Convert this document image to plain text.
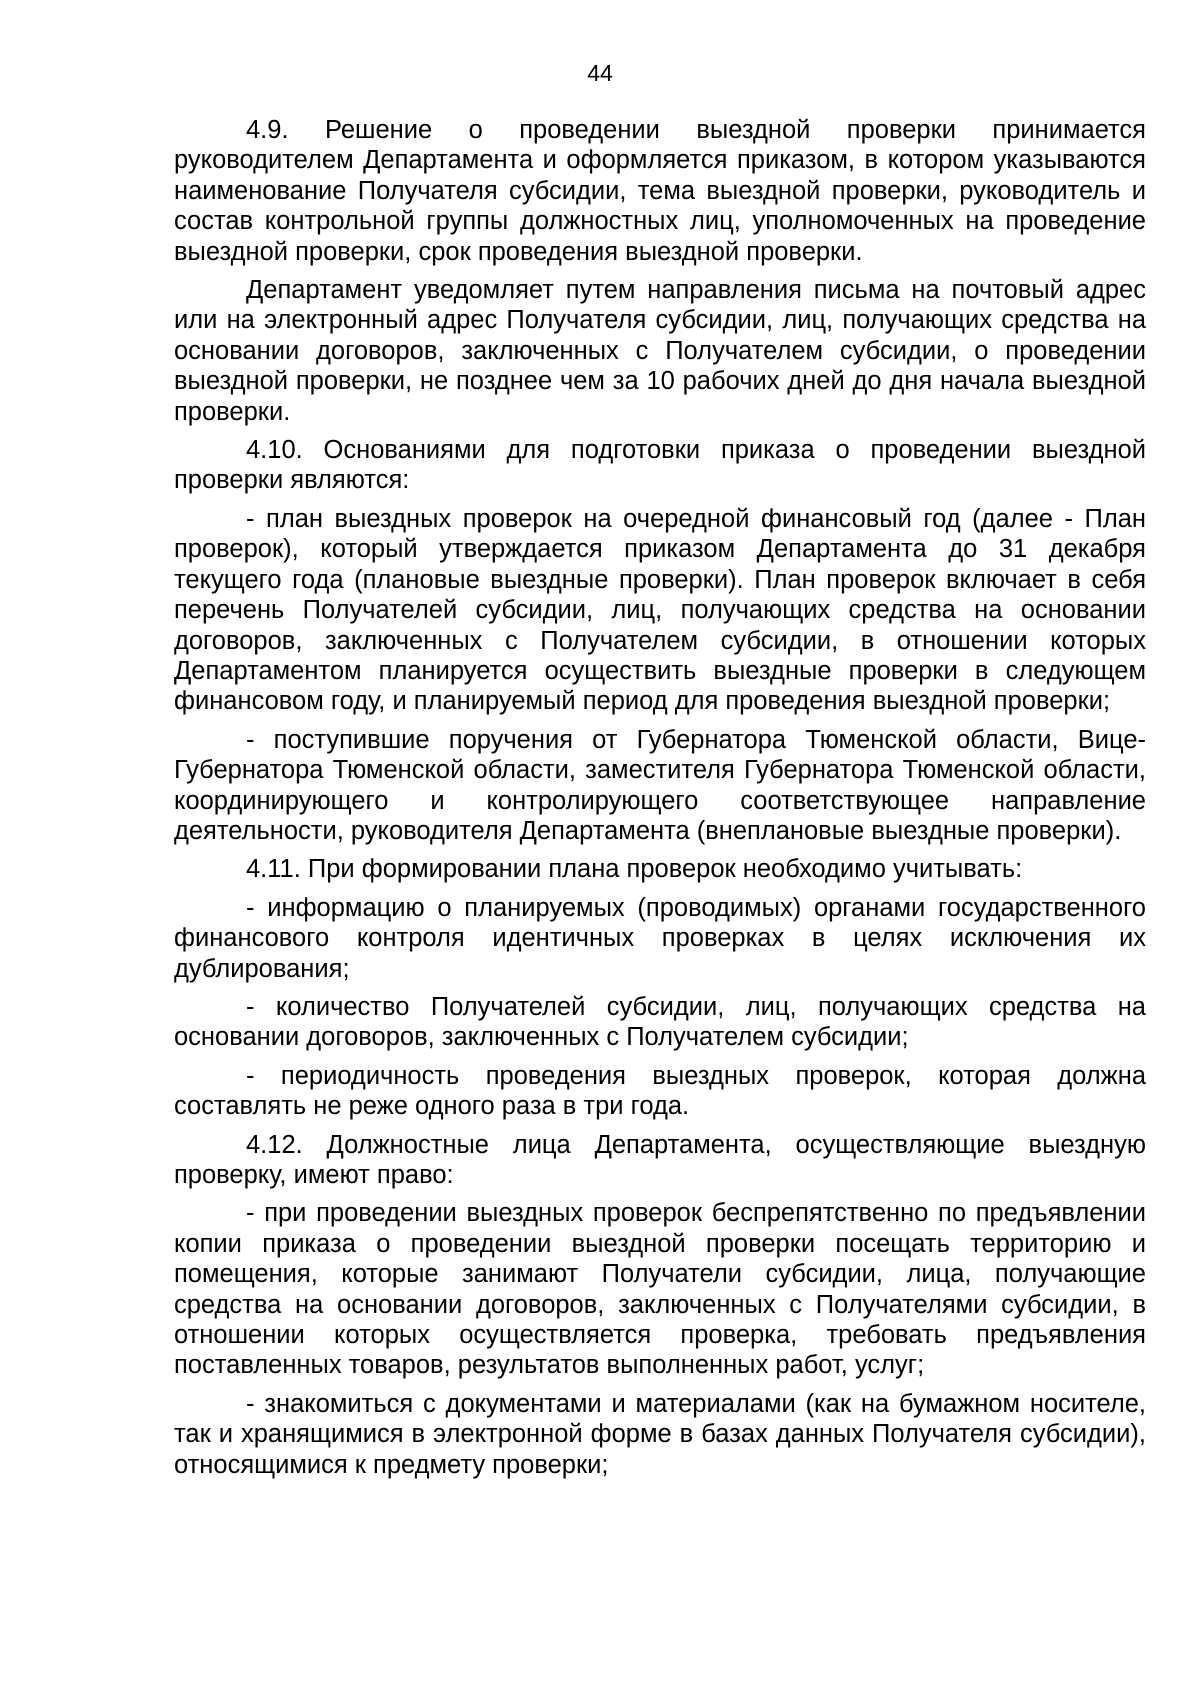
44

4.9. Решение о проведении выездной проверки принимается руководителем Департамента и оформляется приказом, в котором указываются наименование Получателя субсидии, тема выездной проверки, руководитель и состав контрольной группы должностных лиц, уполномоченных на проведение выездной проверки, срок проведения выездной проверки.

Департамент уведомляет путем направления письма на почтовый адрес или на электронный адрес Получателя субсидии, лиц, получающих средства на основании договоров, заключенных с Получателем субсидии, о проведении выездной проверки, не позднее чем за 10 рабочих дней до дня начала выездной проверки.

4.10. Основаниями для подготовки приказа о проведении выездной проверки являются:

- план выездных проверок на очередной финансовый год (далее - План проверок), который утверждается приказом Департамента до 31 декабря текущего года (плановые выездные проверки). План проверок включает в себя перечень Получателей субсидии, лиц, получающих средства на основании договоров, заключенных с Получателем субсидии, в отношении которых Департаментом планируется осуществить выездные проверки в следующем финансовом году, и планируемый период для проведения выездной проверки;

- поступившие поручения от Губернатора Тюменской области, Вице-Губернатора Тюменской области, заместителя Губернатора Тюменской области, координирующего и контролирующего соответствующее направление деятельности, руководителя Департамента (внеплановые выездные проверки).

4.11. При формировании плана проверок необходимо учитывать:

- информацию о планируемых (проводимых) органами государственного финансового контроля идентичных проверках в целях исключения их дублирования;

- количество Получателей субсидии, лиц, получающих средства на основании договоров, заключенных с Получателем субсидии;

- периодичность проведения выездных проверок, которая должна составлять не реже одного раза в три года.

4.12. Должностные лица Департамента, осуществляющие выездную проверку, имеют право:

- при проведении выездных проверок беспрепятственно по предъявлении копии приказа о проведении выездной проверки посещать территорию и помещения, которые занимают Получатели субсидии, лица, получающие средства на основании договоров, заключенных с Получателями субсидии, в отношении которых осуществляется проверка, требовать предъявления поставленных товаров, результатов выполненных работ, услуг;

- знакомиться с документами и материалами (как на бумажном носителе, так и хранящимися в электронной форме в базах данных Получателя субсидии), относящимися к предмету проверки;
